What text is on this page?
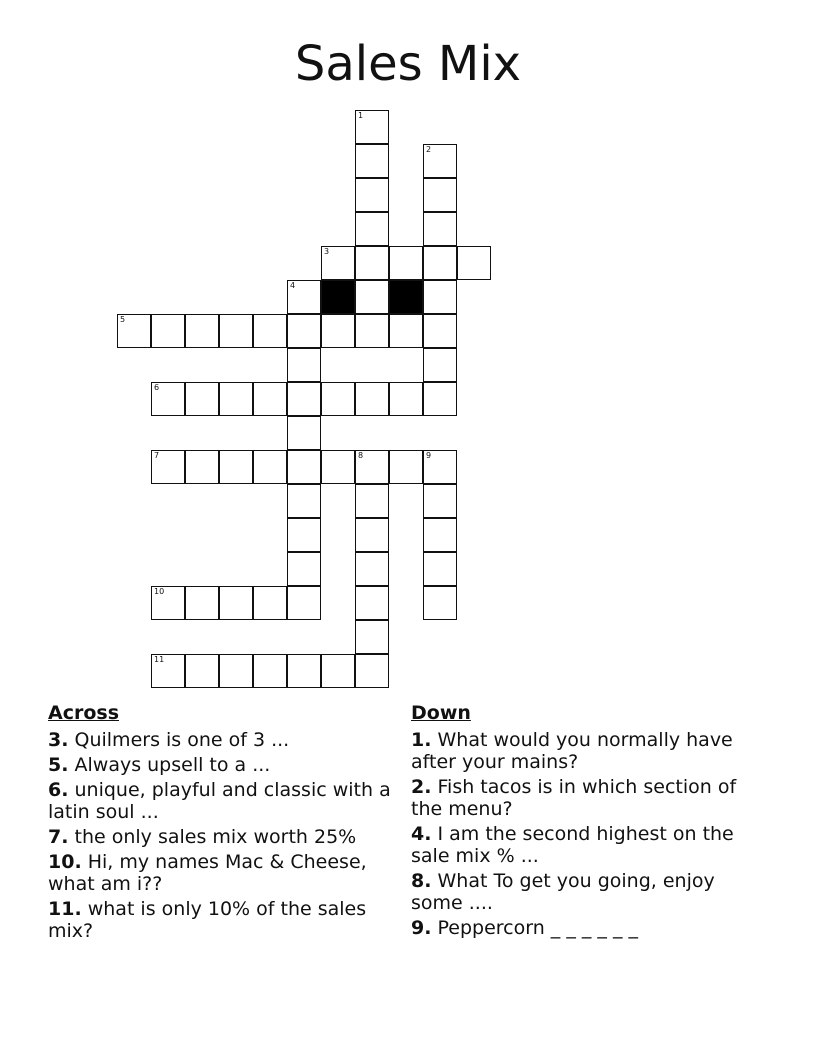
Sales Mix
1
2
3
4
5
6
7	8	9
10
11
Across
3. Quilmers is one of 3 ...
5. Always upsell to a ...
6. unique, playful and classic with a latin soul ...
7. the only sales mix worth 25%
10. Hi, my names Mac & Cheese, what am i??
11. what is only 10% of the sales mix?
Down
1. What would you normally have after your mains?
2. Fish tacos is in which section of the menu?
4. I am the second highest on the sale mix % ...
8. What To get you going, enjoy some ....
9. Peppercorn _ _ _ _ _ _
